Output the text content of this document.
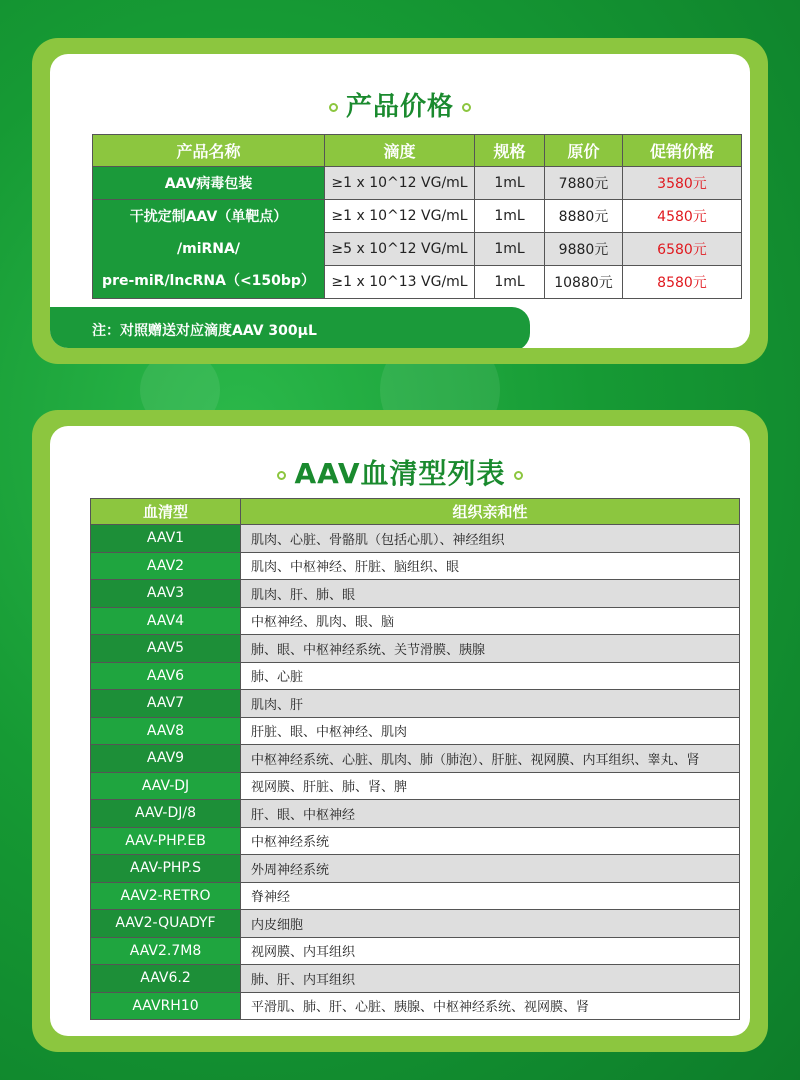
产品价格
产品名称	滴度	规格	原价	促销价格
AAV病毒包装	≥1 x 10^12 VG/mL	1mL	7880元	3580元

干扰定制AAV（单靶点）
/miRNA/
pre-miR/lncRNA（<150bp）	≥1 x 10^12 VG/mL	1mL	8880元	4580元
	≥5 x 10^12 VG/mL	1mL	9880元	6580元
	≥1 x 10^13 VG/mL	1mL	10880元	8580元
注：对照赠送对应滴度AAV 300μL
AAV血清型列表
血清型	组织亲和性
AAV1	肌肉、心脏、骨骼肌（包括心肌）、神经组织
AAV2	肌肉、中枢神经、肝脏、脑组织、眼
AAV3	肌肉、肝、肺、眼
AAV4	中枢神经、肌肉、眼、脑
AAV5	肺、眼、中枢神经系统、关节滑膜、胰腺
AAV6	肺、心脏
AAV7	肌肉、肝
AAV8	肝脏、眼、中枢神经、肌肉
AAV9	中枢神经系统、心脏、肌肉、肺（肺泡）、肝脏、视网膜、内耳组织、睾丸、肾
AAV-DJ	视网膜、肝脏、肺、肾、脾
AAV-DJ/8	肝、眼、中枢神经
AAV-PHP.EB	中枢神经系统
AAV-PHP.S	外周神经系统
AAV2-RETRO	脊神经
AAV2-QUADYF	内皮细胞
AAV2.7M8	视网膜、内耳组织
AAV6.2	肺、肝、内耳组织
AAVRH10	平滑肌、肺、肝、心脏、胰腺、中枢神经系统、视网膜、肾
